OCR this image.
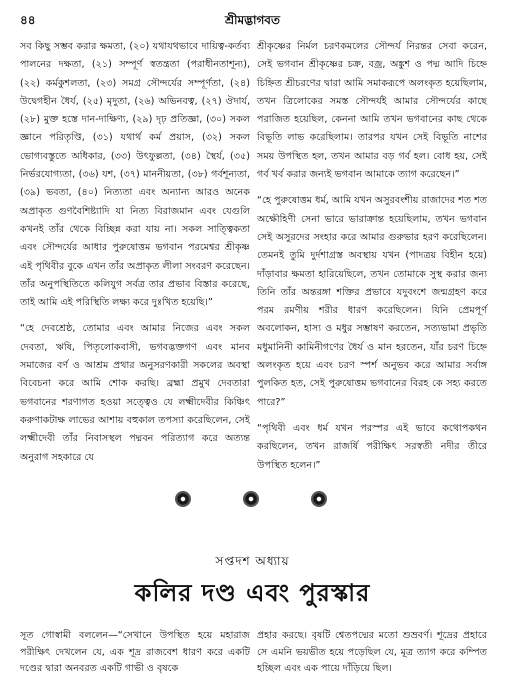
৪৪	শ্রীমদ্ভাগবত

সব কিছু সম্ভব করার ক্ষমতা, (২০) যথাযথভাবে দায়িত্ব-কর্তব্য পালনের দক্ষতা, (২১) সম্পূর্ণ স্বতন্ত্রতা (পরাধীনতাশূন্য), (২২) কর্মকুশলতা, (২৩) সমগ্র সৌন্দর্যের সম্পূর্ণতা, (২৪) উদ্বেগহীন ধৈর্য, (২৫) মৃদুতা, (২৬) অভিনবত্ব, (২৭) ঔদার্য, (২৮) মুক্ত হস্তে দান-দাক্ষিণ্য, (২৯) দৃঢ় প্রতিজ্ঞা, (৩০) সকল জ্ঞানে পরিতৃপ্তি, (৩১) যথার্থ কর্ম প্রয়াস, (৩২) সকল ভোগ্যবস্তুতে অধিকার, (৩৩) উৎফুল্লতা, (৩৪) স্থৈর্য, (৩৫) নির্ভরযোগ্যতা, (৩৬) যশ, (৩৭) মাননীয়তা, (৩৮) গর্বশূন্যতা, (৩৯) ভবতা, (৪০) নিত্যতা এবং অন্যান্য আরও অনেক অপ্রাকৃত গুণবৈশিষ্ট্যাদি যা নিত্য বিরাজমান এবং যেগুলি কখনই তাঁর থেকে বিচ্ছিন্ন করা যায় না। সকল সাত্ত্বিকতা এবং সৌন্দর্যের আধার পুরুষোত্তম ভগবান পরমেশ্বর শ্রীকৃষ্ণ এই পৃথিবীর বুকে এখন তাঁর অপ্রাকৃত লীলা সংবরণ করেছেন। তাঁর অনুপস্থিতিতে কলিযুগ সর্বত্র তার প্রভাব বিস্তার করেছে, তাই আমি এই পরিস্থিতি লক্ষ্য করে দুঃখিত হয়েছি।”

“হে দেবশ্রেষ্ঠ, তোমার এবং আমার নিজের এবং সকল দেবতা, ঋষি, পিতৃলোকবাসী, ভগবদ্ভক্তগণ এবং মানব সমাজের বর্ণ ও আশ্রম প্রথার অনুসরণকারী সকলের অবস্থা বিবেচনা করে আমি শোক করছি। ব্রহ্মা প্রমুখ দেবতারা ভগবানের শরণাগত হওয়া সত্ত্বেও যে লক্ষ্মীদেবীর কিঞ্চিৎ করুণাকটাক্ষ লাভের আশায় বহুকাল তপস্যা করেছিলেন, সেই লক্ষ্মীদেবী তাঁর নিবাসস্থল পদ্মবন পরিত্যাগ করে অত্যন্ত অনুরাগ সহকারে যে

শ্রীকৃষ্ণের নির্মল চরণকমলের সৌন্দর্য নিরন্তর সেবা করেন, সেই ভগবান শ্রীকৃষ্ণের চক্র, বজ্র, অঙ্কুশ ও পদ্ম আদি চিহ্নে চিহ্নিত শ্রীচরণের দ্বারা আমি সমাকরূপে অলংকৃত হয়েছিলাম, তখন ত্রিলোকের সমস্ত সৌন্দর্যই আমার সৌন্দর্যের কাছে পরাজিত হয়েছিল, কেননা আমি তখন ভগবানের কাছ থেকে বিভূতি লাভ করেছিলাম। তারপর যখন সেই বিভূতি নাশের সময় উপস্থিত হল, তখন আমার বড় গর্ব হল। বোধ হয়, সেই গর্ব খর্ব করার জন্যই ভগবান আমাকে ত্যাগ করেছেন।”

“হে পুরুষোত্তম ধর্ম, আমি যখন অসুরবংশীয় রাজাদের শত শত অক্ষৌহিণী সেনা ভারে ভারাক্রান্ত হয়েছিলাম, তখন ভগবান সেই অসুরদের সংহার করে আমার গুরুভার হরণ করেছিলেন। তেমনই তুমি দুর্দশাগ্রস্ত অবস্থায় যখন (পাদত্রয় বিহীন হয়ে) দাঁড়াবার ক্ষমতা হারিয়েছিলে, তখন তোমাকে সুস্থ করার জন্য তিনি তাঁর অন্তরঙ্গা শক্তির প্রভাবে যদুবংশে জন্মগ্রহণ করে পরম রমণীয় শরীর ধারণ করেছিলেন। যিনি প্রেমপূর্ণ অবলোকন, হাস্য ও মধুর সম্ভাষণ করতেন, সত্যভামা প্রভৃতি মধুমানিনী কামিনীগণের ধৈর্য ও মান হরতেন, যাঁর চরণ চিহ্নে অলংকৃত হয়ে এবং চরণ স্পর্শ অনুভব করে আমার সর্বাঙ্গ পুলকিত হত, সেই পুরুষোত্তম ভগবানের বিরহ কে সহ্য করতে পারে?”

“পৃথিবী এবং ধর্ম যখন পরস্পর এই ভাবে কথোপকথন করছিলেন, তখন রাজর্ষি পরীক্ষিৎ সরস্বতী নদীর তীরে উপস্থিত হলেন।”

সপ্তদশ অধ্যায়
কলির দণ্ড এবং পুরস্কার
সূত গোস্বামী বললেন—“সেখানে উপস্থিত হয়ে মহারাজ পরীক্ষিৎ দেখলেন যে, এক শূদ্র রাজবেশ ধারণ করে একটি দণ্ডের দ্বারা অনবরত একটি গাভী ও বৃষকে
প্রহার করছে। বৃষটি শ্বেতপদ্মের মতো শুভ্রবর্ণ। শূদ্রের প্রহারে সে এমনি ভয়ভীত হয়ে পড়েছিল যে, মূত্র ত্যাগ করে কম্পিত হচ্ছিল এবং এক পায়ে দাঁড়িয়ে ছিল।
